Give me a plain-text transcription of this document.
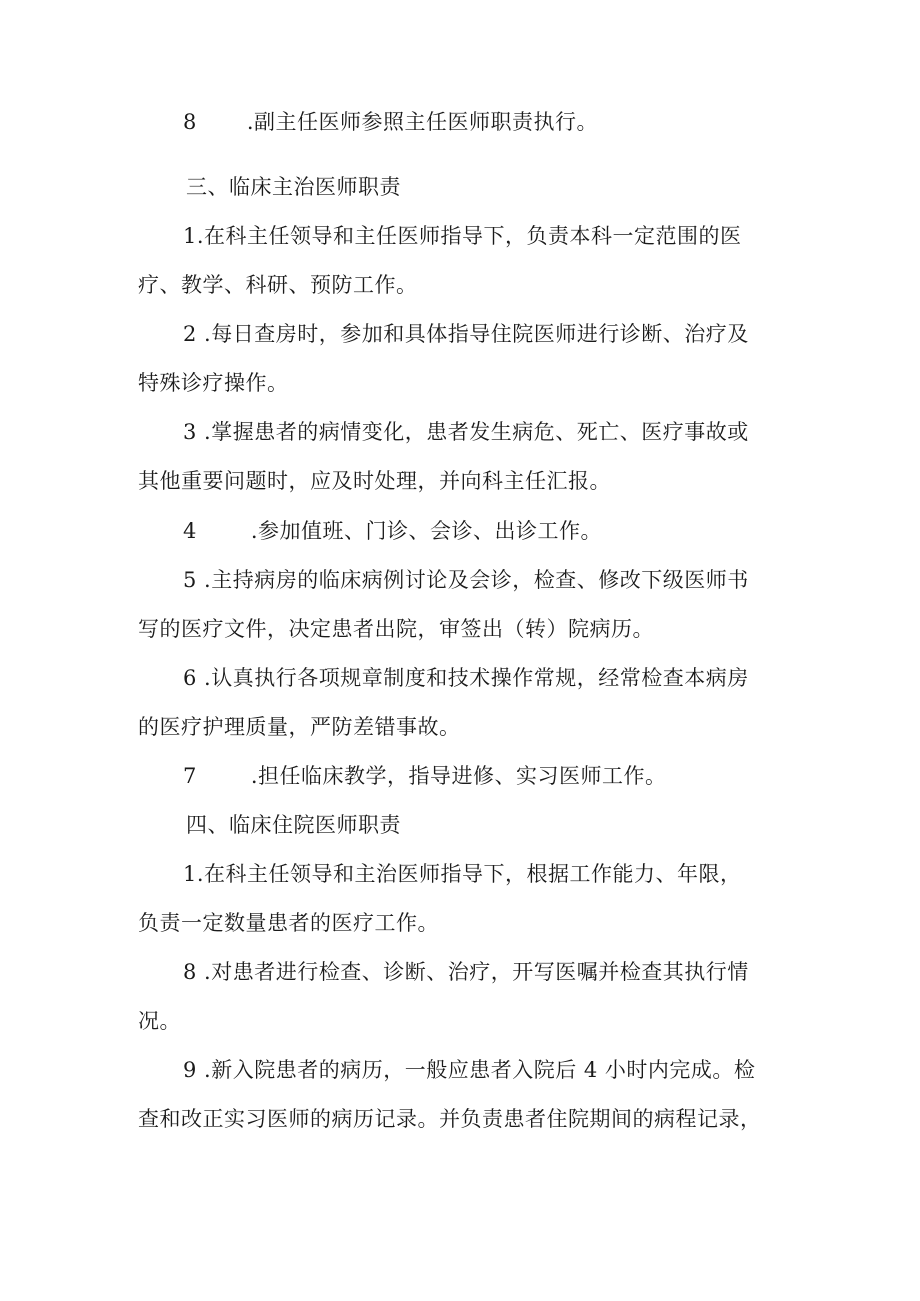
8 .副主任医师参照主任医师职责执行。
三、临床主治医师职责
1.在科主任领导和主任医师指导下，负责本科一定范围的医
疗、教学、科研、预防工作。
2 .每日查房时，参加和具体指导住院医师进行诊断、治疗及
特殊诊疗操作。
3 .掌握患者的病情变化，患者发生病危、死亡、医疗事故或
其他重要问题时，应及时处理，并向科主任汇报。
4	.参加值班、门诊、会诊、出诊工作。
5 .主持病房的临床病例讨论及会诊，检查、修改下级医师书
写的医疗文件，决定患者出院，审签出（转）院病历。
6 .认真执行各项规章制度和技术操作常规，经常检查本病房
的医疗护理质量，严防差错事故。
7	.担任临床教学，指导进修、实习医师工作。
四、临床住院医师职责
1.在科主任领导和主治医师指导下，根据工作能力、年限，
负责一定数量患者的医疗工作。
8 .对患者进行检查、诊断、治疗，开写医嘱并检查其执行情
况。
9 .新入院患者的病历，一般应患者入院后 4 小时内完成。检
查和改正实习医师的病历记录。并负责患者住院期间的病程记录，
